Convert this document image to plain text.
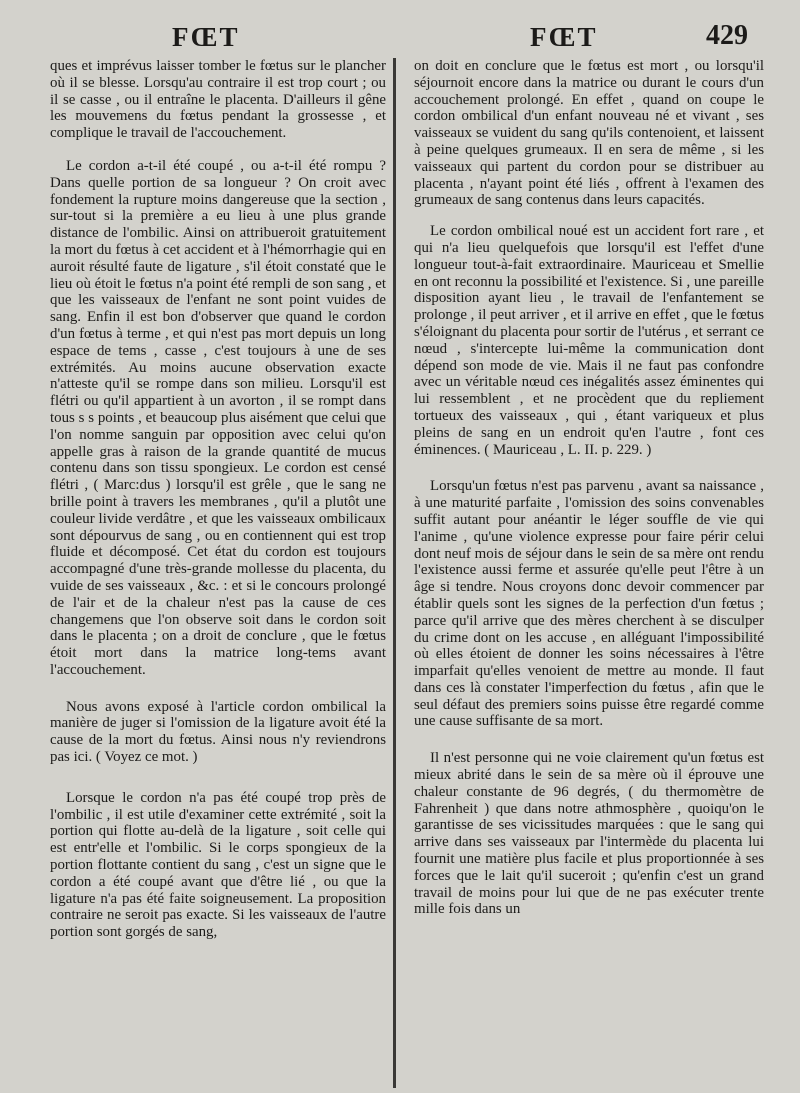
FŒT	FŒT	429

ques et imprévus laisser tomber le fœtus sur le plancher où il se blesse. Lorsqu'au contraire il est trop court ; ou il se casse , ou il entraîne le placenta. D'ailleurs il gêne les mouvemens du fœtus pendant la grossesse , et complique le travail de l'accouchement.

Le cordon a-t-il été coupé , ou a-t-il été rompu ? Dans quelle portion de sa longueur ? On croit avec fondement la rupture moins dangereuse que la section , sur-tout si la première a eu lieu à une plus grande distance de l'ombilic. Ainsi on attribueroit gratuitement la mort du fœtus à cet accident et à l'hémorrhagie qui en auroit résulté faute de ligature , s'il étoit constaté que le lieu où étoit le fœtus n'a point été rempli de son sang , et que les vaisseaux de l'enfant ne sont point vuides de sang. Enfin il est bon d'observer que quand le cordon d'un fœtus à terme , et qui n'est pas mort depuis un long espace de tems , casse , c'est toujours à une de ses extrémités. Au moins aucune observation exacte n'atteste qu'il se rompe dans son milieu. Lorsqu'il est flétri ou qu'il appartient à un avorton , il se rompt dans tous s s points , et beaucoup plus aisément que celui que l'on nomme sanguin par opposition avec celui qu'on appelle gras à raison de la grande quantité de mucus contenu dans son tissu spongieux. Le cordon est censé flétri , ( Marc:dus ) lorsqu'il est grêle , que le sang ne brille point à travers les membranes , qu'il a plutôt une couleur livide verdâtre , et que les vaisseaux ombilicaux sont dépourvus de sang , ou en contiennent qui est trop fluide et décomposé. Cet état du cordon est toujours accompagné d'une très-grande mollesse du placenta, du vuide de ses vaisseaux , &c. : et si le concours prolongé de l'air et de la chaleur n'est pas la cause de ces changemens que l'on observe soit dans le cordon soit dans le placenta ; on a droit de conclure , que le fœtus étoit mort dans la matrice long-tems avant l'accouchement.

Nous avons exposé à l'article cordon ombilical la manière de juger si l'omission de la ligature avoit été la cause de la mort du fœtus. Ainsi nous n'y reviendrons pas ici. ( Voyez ce mot. )

Lorsque le cordon n'a pas été coupé trop près de l'ombilic , il est utile d'examiner cette extrémité , soit la portion qui flotte au-delà de la ligature , soit celle qui est entr'elle et l'ombilic. Si le corps spongieux de la portion flottante contient du sang , c'est un signe que le cordon a été coupé avant que d'être lié , ou que la ligature n'a pas été faite soigneusement. La proposition contraire ne seroit pas exacte. Si les vaisseaux de l'autre portion sont gorgés de sang,

on doit en conclure que le fœtus est mort , ou lorsqu'il séjournoit encore dans la matrice ou durant le cours d'un accouchement prolongé. En effet , quand on coupe le cordon ombilical d'un enfant nouveau né et vivant , ses vaisseaux se vuident du sang qu'ils contenoient, et laissent à peine quelques grumeaux. Il en sera de même , si les vaisseaux qui partent du cordon pour se distribuer au placenta , n'ayant point été liés , offrent à l'examen des grumeaux de sang contenus dans leurs capacités.

Le cordon ombilical noué est un accident fort rare , et qui n'a lieu quelquefois que lorsqu'il est l'effet d'une longueur tout-à-fait extraordinaire. Mauriceau et Smellie en ont reconnu la possibilité et l'existence. Si , une pareille disposition ayant lieu , le travail de l'enfantement se prolonge , il peut arriver , et il arrive en effet , que le fœtus s'éloignant du placenta pour sortir de l'utérus , et serrant ce nœud , s'intercepte lui-même la communication dont dépend son mode de vie. Mais il ne faut pas confondre avec un véritable nœud ces inégalités assez éminentes qui lui ressemblent , et ne procèdent que du repliement tortueux des vaisseaux , qui , étant variqueux et plus pleins de sang en un endroit qu'en l'autre , font ces éminences. ( Mauriceau , L. II. p. 229. )

Lorsqu'un fœtus n'est pas parvenu , avant sa naissance , à une maturité parfaite , l'omission des soins convenables suffit autant pour anéantir le léger souffle de vie qui l'anime , qu'une violence expresse pour faire périr celui dont neuf mois de séjour dans le sein de sa mère ont rendu l'existence aussi ferme et assurée qu'elle peut l'être à un âge si tendre. Nous croyons donc devoir commencer par établir quels sont les signes de la perfection d'un fœtus ; parce qu'il arrive que des mères cherchent à se disculper du crime dont on les accuse , en alléguant l'impossibilité où elles étoient de donner les soins nécessaires à l'être imparfait qu'elles venoient de mettre au monde. Il faut dans ces là constater l'imperfection du fœtus , afin que le seul défaut des premiers soins puisse être regardé comme une cause suffisante de sa mort.

Il n'est personne qui ne voie clairement qu'un fœtus est mieux abrité dans le sein de sa mère où il éprouve une chaleur constante de 96 degrés, ( du thermomètre de Fahrenheit ) que dans notre athmosphère , quoiqu'on le garantisse de ses vicissitudes marquées : que le sang qui arrive dans ses vaisseaux par l'intermède du placenta lui fournit une matière plus facile et plus proportionnée à ses forces que le lait qu'il suceroit ; qu'enfin c'est un grand travail de moins pour lui que de ne pas exécuter trente mille fois dans un
